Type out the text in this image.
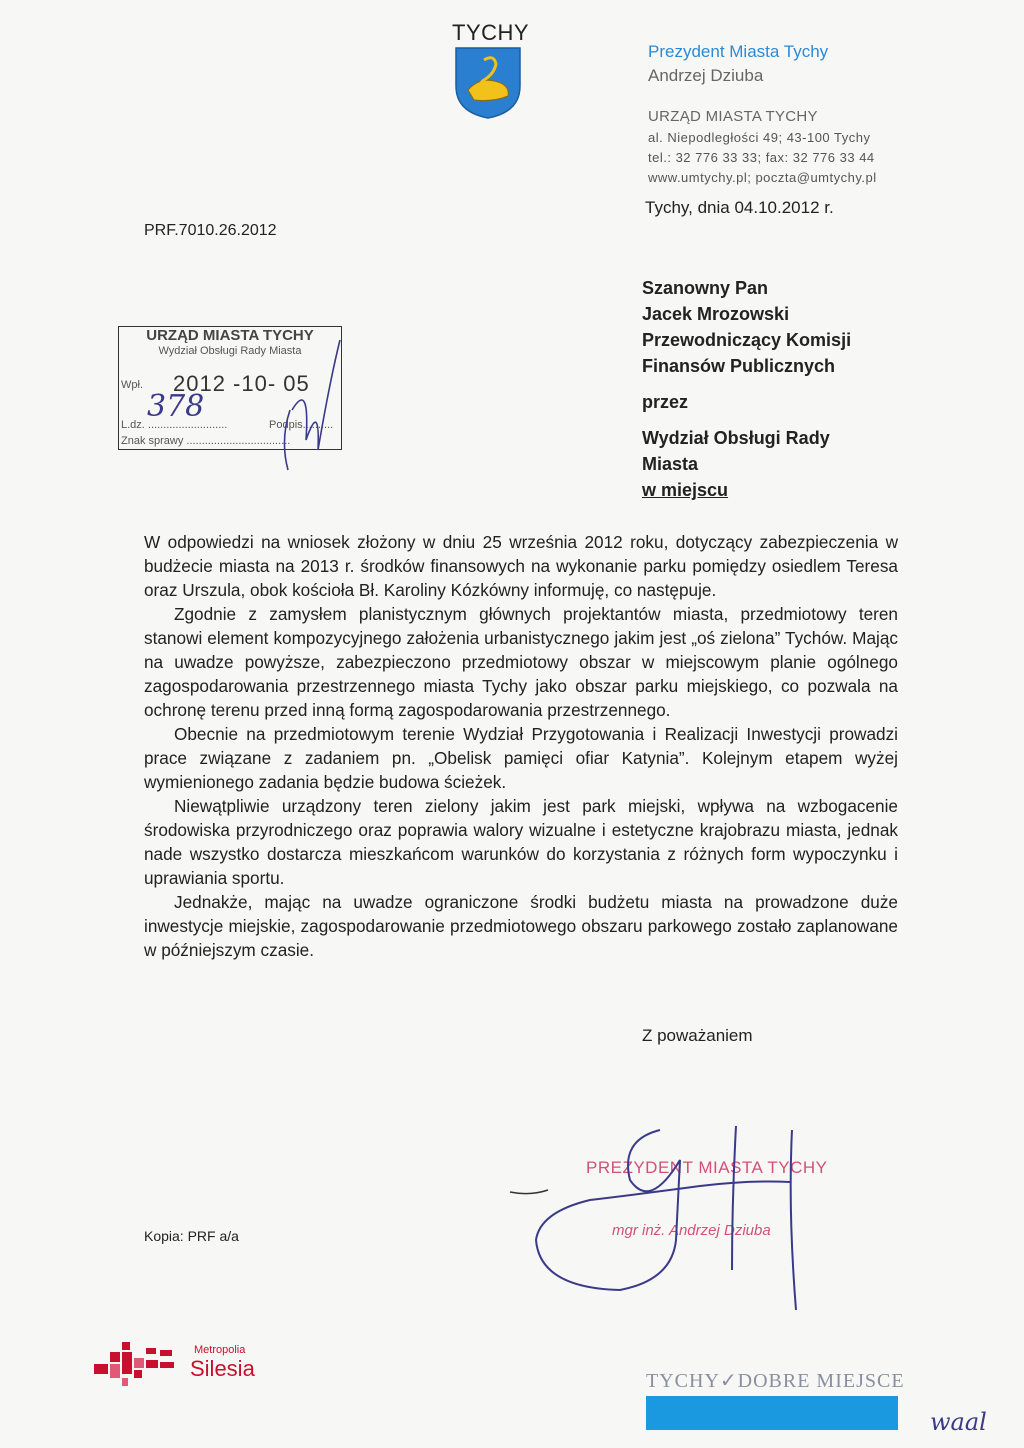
TYCHY
Prezydent Miasta Tychy
Andrzej Dziuba
URZĄD MIASTA TYCHY
al. Niepodległości 49; 43-100 Tychy
tel.: 32 776 33 33; fax: 32 776 33 44
www.umtychy.pl; poczta@umtychy.pl
Tychy, dnia 04.10.2012 r.
PRF.7010.26.2012
URZĄD MIASTA TYCHY
Wydział Obsługi Rady Miasta
Wpł. 2012 -10- 05
378
L.dz. ..........................	Podpis..........
Znak sprawy ..................................
Szanowny Pan
Jacek Mrozowski
Przewodniczący Komisji
Finansów Publicznych
przez
Wydział Obsługi Rady
Miasta
w miejscu

W odpowiedzi na wniosek złożony w dniu 25 września 2012 roku, dotyczący zabezpieczenia w budżecie miasta na 2013 r. środków finansowych na wykonanie parku pomiędzy osiedlem Teresa oraz Urszula, obok kościoła Bł. Karoliny Kózkówny informuję, co następuje.

Zgodnie z zamysłem planistycznym głównych projektantów miasta, przedmiotowy teren stanowi element kompozycyjnego założenia urbanistycznego jakim jest „oś zielona” Tychów. Mając na uwadze powyższe, zabezpieczono przedmiotowy obszar w miejscowym planie ogólnego zagospodarowania przestrzennego miasta Tychy jako obszar parku miejskiego, co pozwala na ochronę terenu przed inną formą zagospodarowania przestrzennego.

Obecnie na przedmiotowym terenie Wydział Przygotowania i Realizacji Inwestycji prowadzi prace związane z zadaniem pn. „Obelisk pamięci ofiar Katynia”. Kolejnym etapem wyżej wymienionego zadania będzie budowa ścieżek.

Niewątpliwie urządzony teren zielony jakim jest park miejski, wpływa na wzbogacenie środowiska przyrodniczego oraz poprawia walory wizualne i estetyczne krajobrazu miasta, jednak nade wszystko dostarcza mieszkańcom warunków do korzystania z różnych form wypoczynku i uprawiania sportu.

Jednakże, mając na uwadze ograniczone środki budżetu miasta na prowadzone duże inwestycje miejskie, zagospodarowanie przedmiotowego obszaru parkowego zostało zaplanowane w późniejszym czasie.

Z poważaniem
PREZYDENT MIASTA TYCHY
mgr inż. Andrzej Dziuba
Kopia: PRF a/a
Metropolia
Silesia	TYCHY✓DOBRE MIEJSCE
waal
